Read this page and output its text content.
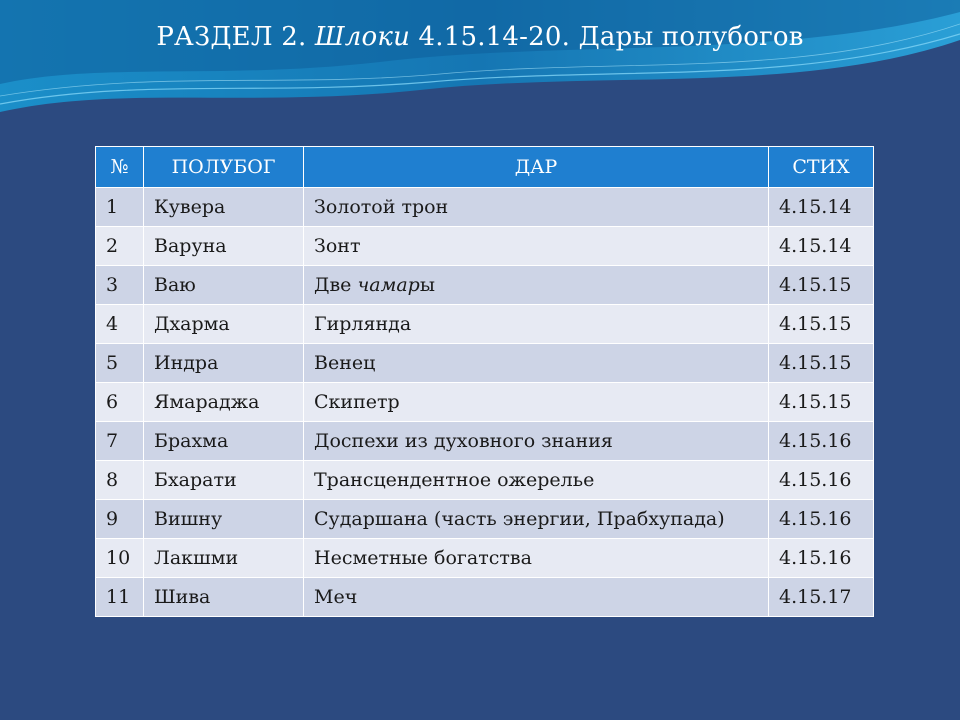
РАЗДЕЛ 2. Шлоки 4.15.14-20. Дары полубогов
№	ПОЛУБОГ	ДАР	СТИХ
1	Кувера	Золотой трон	4.15.14
2	Варуна	Зонт	4.15.14
3	Ваю	Две чамары	4.15.15
4	Дхарма	Гирлянда	4.15.15
5	Индра	Венец	4.15.15
6	Ямараджа	Скипетр	4.15.15
7	Брахма	Доспехи из духовного знания	4.15.16
8	Бхарати	Трансцендентное ожерелье	4.15.16
9	Вишну	Сударшана (часть энергии, Прабхупада)	4.15.16
10	Лакшми	Несметные богатства	4.15.16
11	Шива	Меч	4.15.17
